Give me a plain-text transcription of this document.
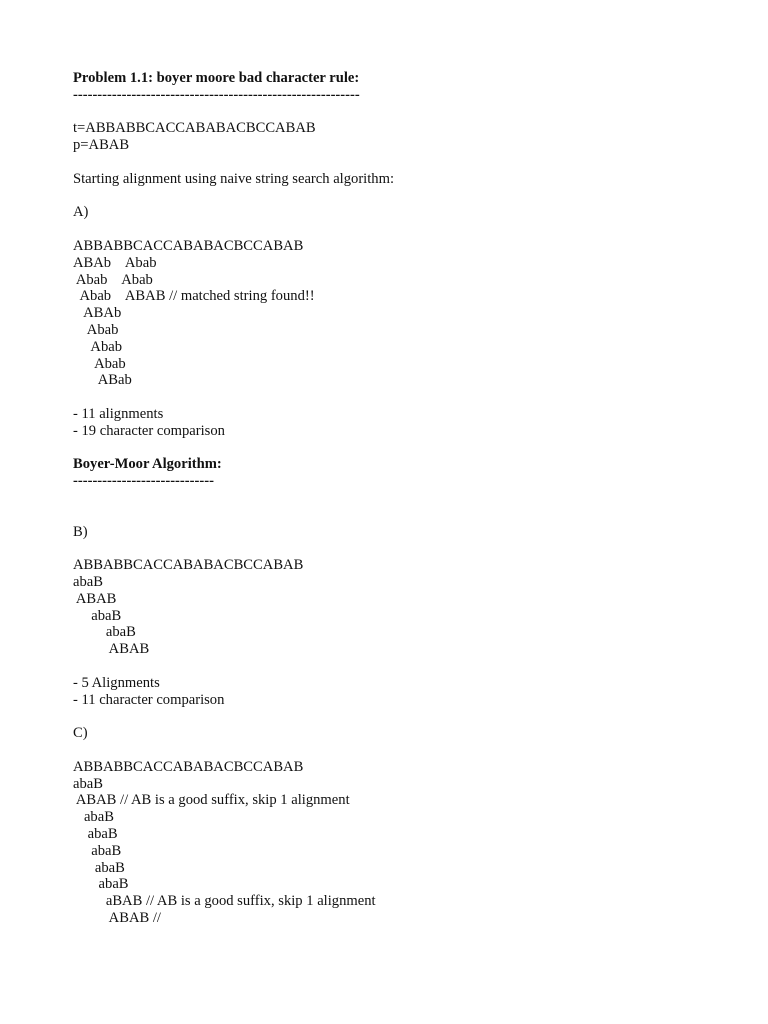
Problem 1.1: boyer moore bad character rule:

-----------------------------------------------------------

t=ABBABBCACCABABACBCCABAB

p=ABAB

Starting alignment using naive string search algorithm:

A)

ABBABBCACCABABACBCCABAB

ABAb    Abab

Abab    Abab

Abab    ABAB // matched string found!!

ABAb

Abab

Abab

Abab

ABab

- 11 alignments

- 19 character comparison

Boyer-Moor Algorithm:

-----------------------------

B)

ABBABBCACCABABACBCCABAB

abaB

ABAB

abaB

abaB

ABAB

- 5 Alignments

- 11 character comparison

C)

ABBABBCACCABABACBCCABAB

abaB

ABAB // AB is a good suffix, skip 1 alignment

abaB

abaB

abaB

abaB

abaB

aBAB // AB is a good suffix, skip 1 alignment

ABAB //
